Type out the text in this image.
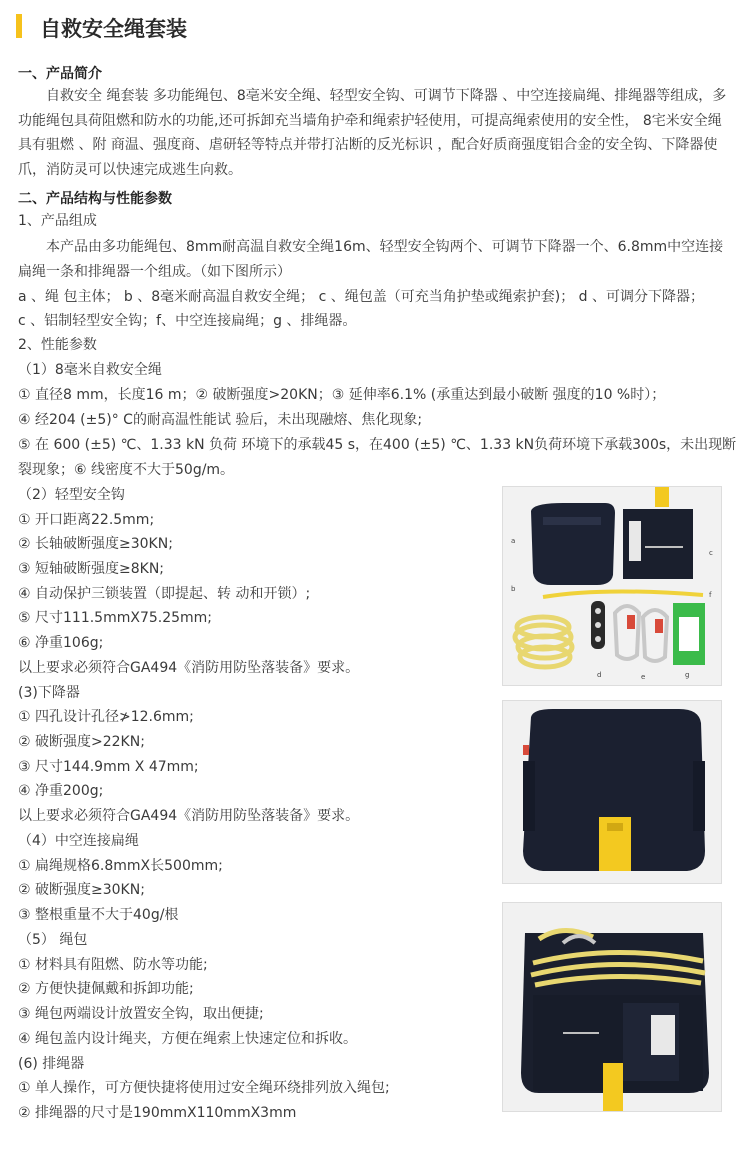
自救安全绳套装
一、产品简介
自救安全 绳套装 多功能绳包、8亳米安全绳、轻型安全钩、可调节下降器 、中空连接扁绳、排绳器等组成，多功能绳包具荷阻燃和防水的功能,还可拆卸充当墙角护牵和绳索护轻使用，可提高绳索使用的安全性， 8宅米安全绳具有驵燃 、附 商温、强度商、虐研轻等特点并带打沾断的反光标识 ，配合好质商强度铝合金的安全钩、下降器使爪，消防灵可以快速完成逃生向救。
二、产品结构与性能参数
1、产品组成
本产品由多功能绳包、8mm耐高温自救安全绳16m、轻型安全钩两个、可调节下降器一个、6.8mm中空连接扁绳一条和排绳器一个组成。（如下图所示）
a 、绳 包主体； b 、8毫米耐高温自救安全绳； c 、绳包盖（可充当角护垫或绳索护套)； d 、可调分下降器；
c 、铝制轻型安全钩；f、中空连接扁绳；g 、排绳器。
2、性能参数
（1）8毫米自救安全绳
① 直径8 mm，长度16 m；② 破断强度>20KN；③ 延伸率6.1% (承重达到最小破断 强度的10 %时）；
④ 经204 (±5)° C的耐高温性能试 验后，未出现融熔、焦化现象;
⑤ 在 600 (±5) ℃、1.33 kN 负荷 环境下的承载45 s，在400 (±5) ℃、1.33 kN负荷环境下承载300s，未出现断
裂现象；⑥ 线密度不大于50g/m。
（2）轻型安全钩
① 开口距离22.5mm;
② 长轴破断强度≥30KN;
③ 短轴破断强度≥8KN;
④ 自动保护三锁装置（即提起、转 动和开锁）;
⑤ 尺寸111.5mmX75.25mm;
⑥ 净重106g;
以上要求必须符合GA494《消防用防坠落装备》要求。
(3)下降器
① 四孔设计孔径≯12.6mm;
② 破断强度>22KN;
③ 尺寸144.9mm X 47mm;
④ 净重200g;
以上要求必须符合GA494《消防用防坠落装备》要求。
（4）中空连接扁绳
① 扁绳规格6.8mmX长500mm;
② 破断强度≥30KN;
③ 整根重量不大于40g/根
（5） 绳包
① 材料具有阻燃、防水等功能;
② 方便快捷佩戴和拆卸功能;
③ 绳包两端设计放置安全钩，取出便捷;
④ 绳包盖内设计绳夹，方便在绳索上快速定位和拆收。
(6) 排绳器
① 单人操作，可方便快捷将使用过安全绳环绕排列放入绳包;
② 排绳器的尺寸是190mmX110mmX3mm
a
b
c
d	e
f
g
